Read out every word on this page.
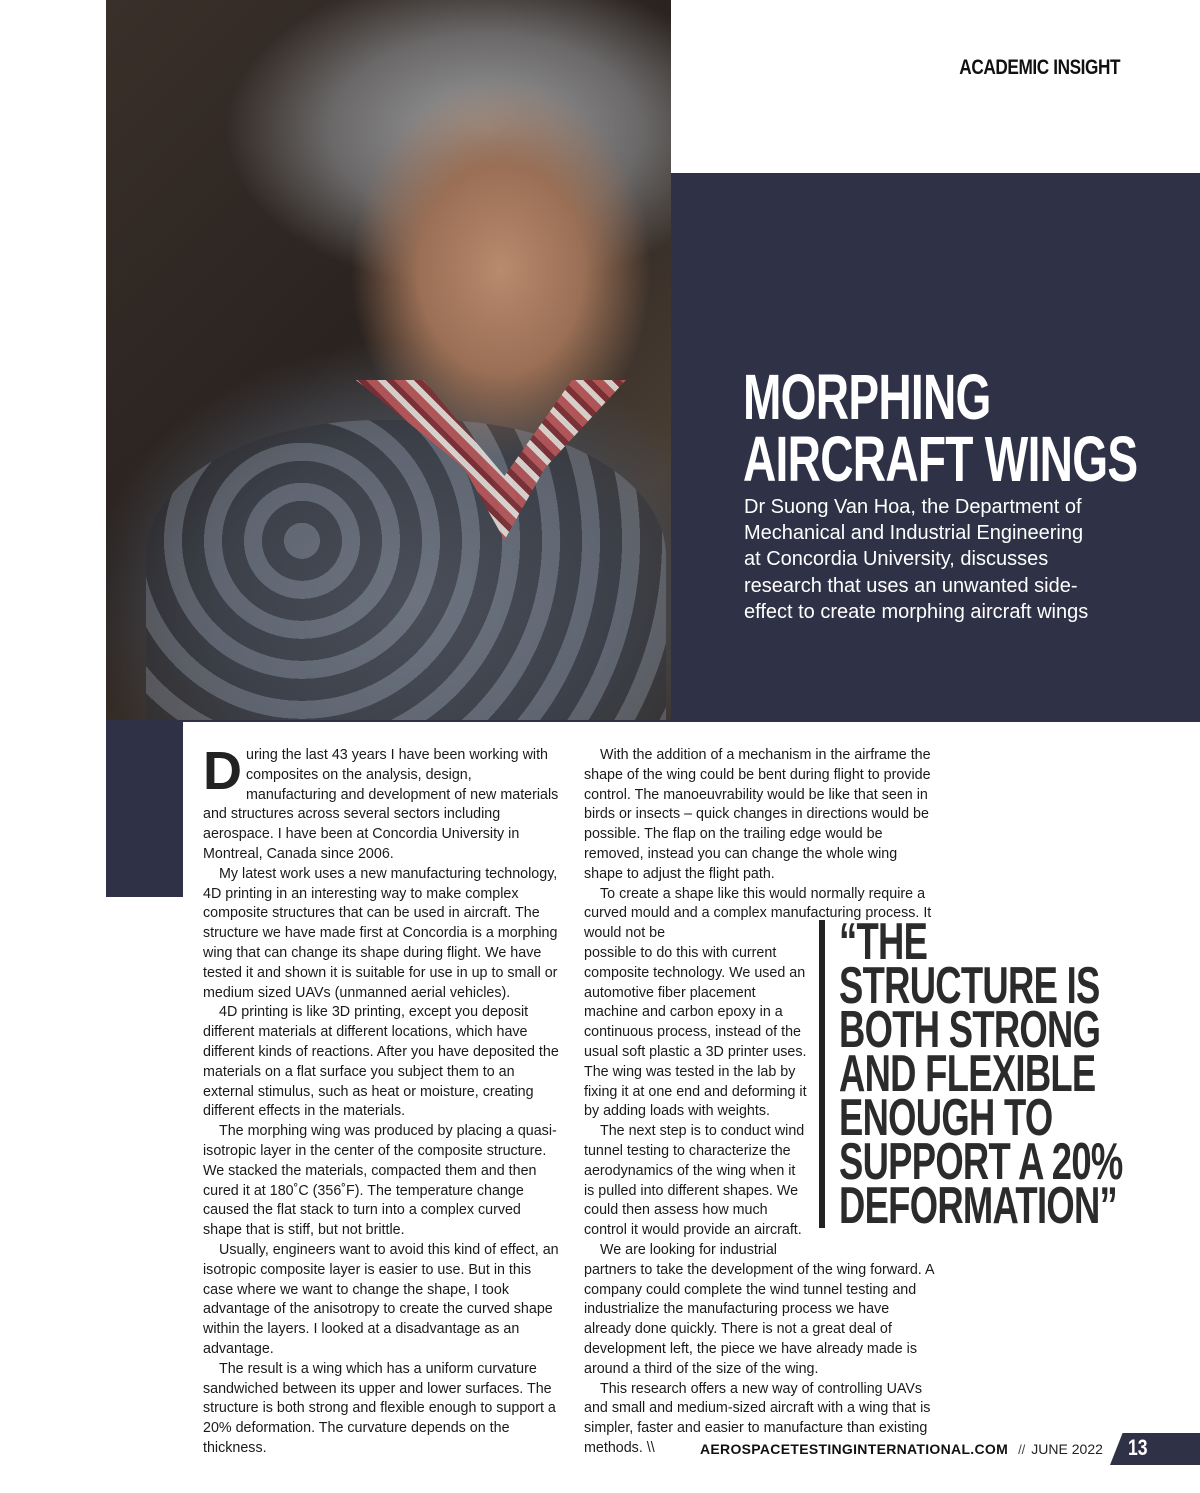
ACADEMIC INSIGHT
MORPHING
AIRCRAFT WINGS

Dr Suong Van Hoa, the Department of Mechanical and Industrial Engineering at Concordia University, discusses research that uses an unwanted side-effect to create morphing aircraft wings

During the last 43 years I have been working with composites on the analysis, design, manufacturing and development of new materials and structures across several sectors including aerospace. I have been at Concordia University in Montreal, Canada since 2006.

My latest work uses a new manufacturing technology, 4D printing in an interesting way to make complex composite structures that can be used in aircraft. The structure we have made first at Concordia is a morphing wing that can change its shape during flight. We have tested it and shown it is suitable for use in up to small or medium sized UAVs (unmanned aerial vehicles).

4D printing is like 3D printing, except you deposit different materials at different locations, which have different kinds of reactions. After you have deposited the materials on a flat surface you subject them to an external stimulus, such as heat or moisture, creating different effects in the materials.

The morphing wing was produced by placing a quasi-isotropic layer in the center of the composite structure. We stacked the materials, compacted them and then cured it at 180˚C (356˚F). The temperature change caused the flat stack to turn into a complex curved shape that is stiff, but not brittle.

Usually, engineers want to avoid this kind of effect, an isotropic composite layer is easier to use. But in this case where we want to change the shape, I took advantage of the anisotropy to create the curved shape within the layers. I looked at a disadvantage as an advantage.

The result is a wing which has a uniform curvature sandwiched between its upper and lower surfaces. The structure is both strong and flexible enough to support a 20% deformation. The curvature depends on the thickness.

With the addition of a mechanism in the airframe the shape of the wing could be bent during flight to provide control. The manoeuvrability would be like that seen in birds or insects – quick changes in directions would be possible. The flap on the trailing edge would be removed, instead you can change the whole wing shape to adjust the flight path.

To create a shape like this would normally require a curved mould and a complex manufacturing process. It would not be

possible to do this with current composite technology. We used an automotive fiber placement machine and carbon epoxy in a continuous process, instead of the usual soft plastic a 3D printer uses. The wing was tested in the lab by fixing it at one end and deforming it by adding loads with weights.

The next step is to conduct wind tunnel testing to characterize the aerodynamics of the wing when it is pulled into different shapes. We could then assess how much control it would provide an aircraft.

We are looking for industrial

partners to take the development of the wing forward. A company could complete the wind tunnel testing and industrialize the manufacturing process we have already done quickly. There is not a great deal of development left, the piece we have already made is around a third of the size of the wing.

This research offers a new way of controlling UAVs and small and medium-sized aircraft with a wing that is simpler, faster and easier to manufacture than existing methods. \\

“THE STRUCTURE IS BOTH STRONG AND FLEXIBLE ENOUGH TO SUPPORT A 20% DEFORMATION”
AEROSPACETESTINGINTERNATIONAL.COM // JUNE 2022 13
